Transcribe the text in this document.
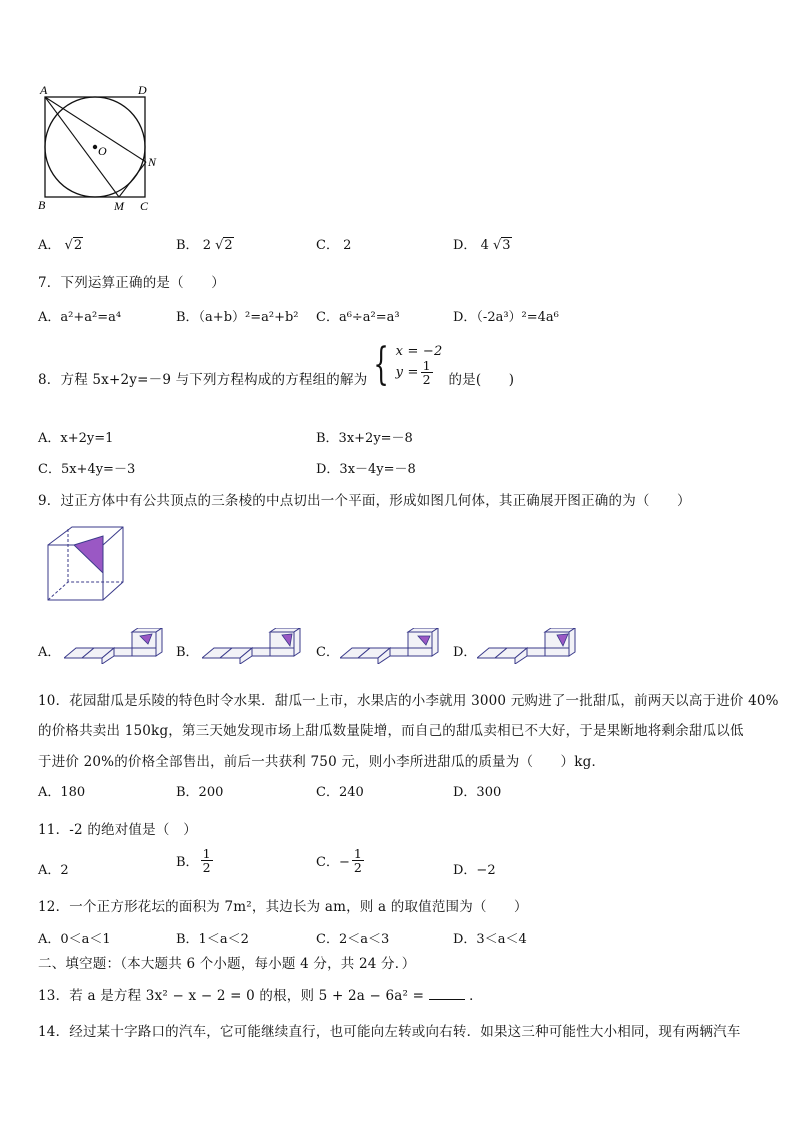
A	D
O
N
B	M C
A． √2	B． 2 √2	C． 2	D． 4 √3
7．下列运算正确的是（　　）
A．a²+a²=a⁴	B．（a+b）²=a²+b² C．a⁶÷a²=a³	D．（-2a³）²=4a⁶
8．方程 5x+2y=－9 与下列方程构成的方程组的解为 { x = −2
$y = \frac{1}{2}$ 的是(　　)
A．x+2y=1	B．3x+2y=－8
C．5x+4y=－3	D．3x－4y=－8
9．过正方体中有公共顶点的三条棱的中点切出一个平面，形成如图几何体，其正确展开图正确的为（　　）
A．	B．	C．	D．
10．花园甜瓜是乐陵的特色时令水果．甜瓜一上市，水果店的小李就用 3000 元购进了一批甜瓜，前两天以高于进价 40%
的价格共卖出 150kg，第三天她发现市场上甜瓜数量陡增，而自己的甜瓜卖相已不大好，于是果断地将剩余甜瓜以低
于进价 20%的价格全部售出，前后一共获利 750 元，则小李所进甜瓜的质量为（　　）kg．
A．180	B．200	C．240	D．300
11．-2 的绝对值是（　）
A．2
B． $\frac{1}{2}$	C．− $\frac{1}{2}$	D．−2
12．一个正方形花坛的面积为 7m²，其边长为 am，则 a 的取值范围为（　　）
A．0＜a＜1	B．1＜a＜2	C．2＜a＜3	D．3＜a＜4
二、填空题：（本大题共 6 个小题，每小题 4 分，共 24 分．）
13．若 a 是方程 3x² − x − 2 = 0 的根，则 5 + 2a − 6a² =	．
14．经过某十字路口的汽车，它可能继续直行，也可能向左转或向右转．如果这三种可能性大小相同，现有两辆汽车
